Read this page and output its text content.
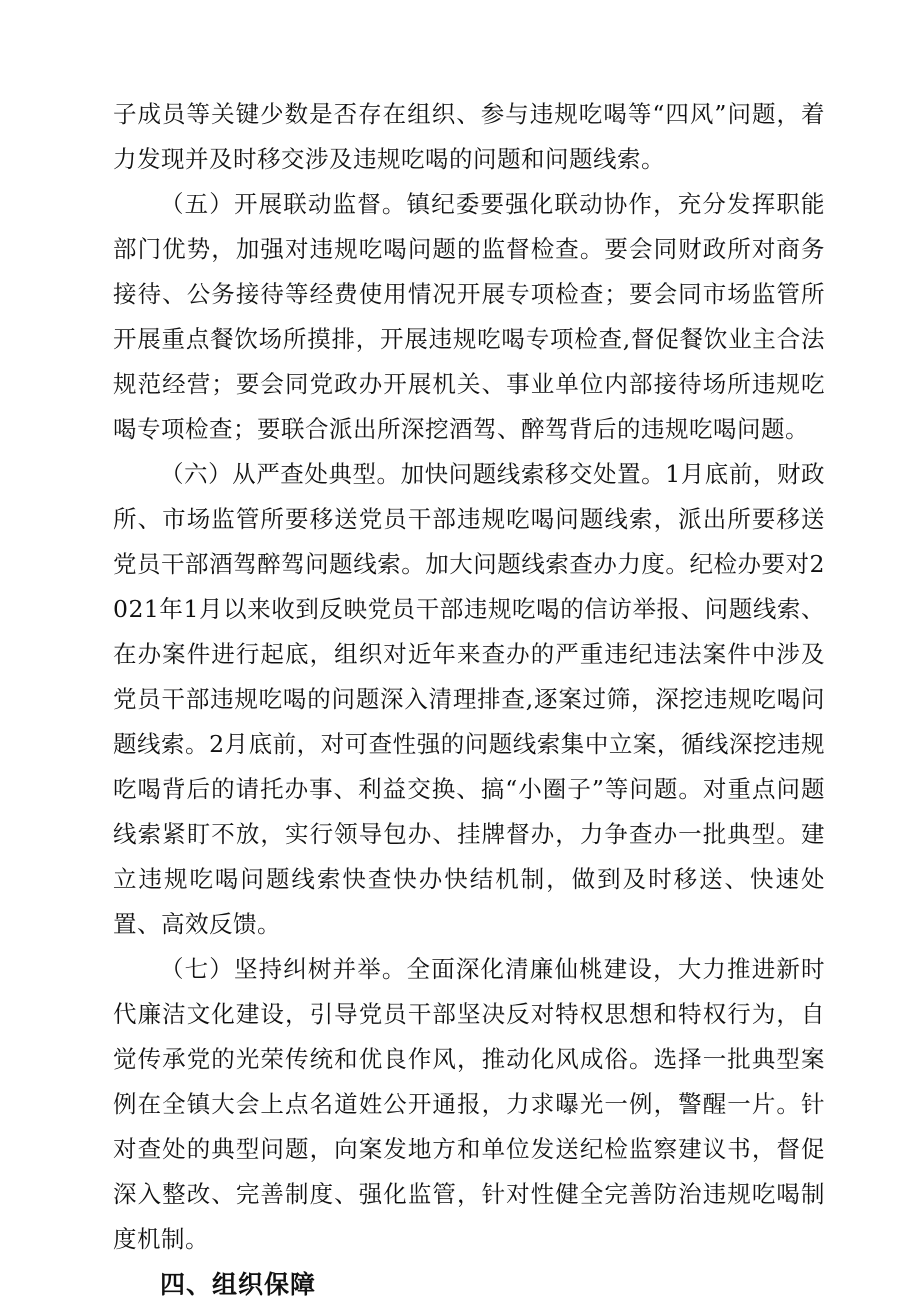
子成员等关键少数是否存在组织、参与违规吃喝等“四风”问题，着力发现并及时移交涉及违规吃喝的问题和问题线索。

（五）开展联动监督。镇纪委要强化联动协作，充分发挥职能部门优势，加强对违规吃喝问题的监督检查。要会同财政所对商务接待、公务接待等经费使用情况开展专项检查；要会同市场监管所开展重点餐饮场所摸排，开展违规吃喝专项检查,督促餐饮业主合法规范经营；要会同党政办开展机关、事业单位内部接待场所违规吃喝专项检查；要联合派出所深挖酒驾、醉驾背后的违规吃喝问题。

（六）从严查处典型。加快问题线索移交处置。1月底前，财政所、市场监管所要移送党员干部违规吃喝问题线索，派出所要移送党员干部酒驾醉驾问题线索。加大问题线索查办力度。纪检办要对2021年1月以来收到反映党员干部违规吃喝的信访举报、问题线索、在办案件进行起底，组织对近年来查办的严重违纪违法案件中涉及党员干部违规吃喝的问题深入清理排查,逐案过筛，深挖违规吃喝问题线索。2月底前，对可查性强的问题线索集中立案，循线深挖违规吃喝背后的请托办事、利益交换、搞“小圈子”等问题。对重点问题线索紧盯不放，实行领导包办、挂牌督办，力争查办一批典型。建立违规吃喝问题线索快查快办快结机制，做到及时移送、快速处置、高效反馈。

（七）坚持纠树并举。全面深化清廉仙桃建设，大力推进新时代廉洁文化建设，引导党员干部坚决反对特权思想和特权行为，自觉传承党的光荣传统和优良作风，推动化风成俗。选择一批典型案例在全镇大会上点名道姓公开通报，力求曝光一例，警醒一片。针对查处的典型问题，向案发地方和单位发送纪检监察建议书，督促深入整改、完善制度、强化监管，针对性健全完善防治违规吃喝制度机制。

四、组织保障
